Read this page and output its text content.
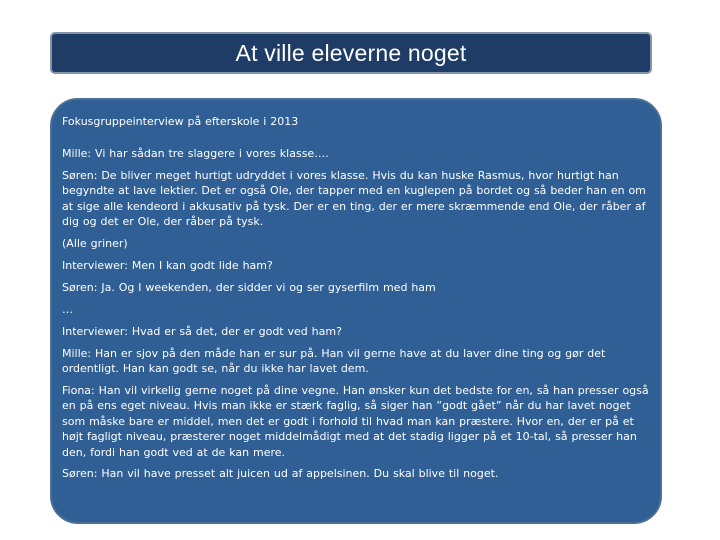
At ville eleverne noget
Fokusgruppeinterview på efterskole i 2013
Mille: Vi har sådan tre slaggere i vores klasse….
Søren: De bliver meget hurtigt udryddet i vores klasse. Hvis du kan huske Rasmus, hvor hurtigt han begyndte at lave lektier. Det er også Ole, der tapper med en kuglepen på bordet og så beder han en om at sige alle kendeord i akkusativ på tysk. Der er en ting, der er mere skræmmende end Ole, der råber af dig og det er Ole, der råber på tysk.
(Alle griner)
Interviewer: Men I kan godt lide ham?
Søren: Ja. Og I weekenden, der sidder vi og ser gyserfilm med ham
…
Interviewer: Hvad er så det, der er godt ved ham?
Mille: Han er sjov på den måde han er sur på. Han vil gerne have at du laver dine ting og gør det ordentligt. Han kan godt se, når du ikke har lavet dem.
Fiona: Han vil virkelig gerne noget på dine vegne. Han ønsker kun det bedste for en, så han presser også en på ens eget niveau. Hvis man ikke er stærk faglig, så siger han ”godt gået” når du har lavet noget som måske bare er middel, men det er godt i forhold til hvad man kan præstere. Hvor en, der er på et højt fagligt niveau, præsterer noget middelmådigt med at det stadig ligger på et 10-tal, så presser han den, fordi han godt ved at de kan mere.
Søren: Han vil have presset alt juicen ud af appelsinen. Du skal blive til noget.
